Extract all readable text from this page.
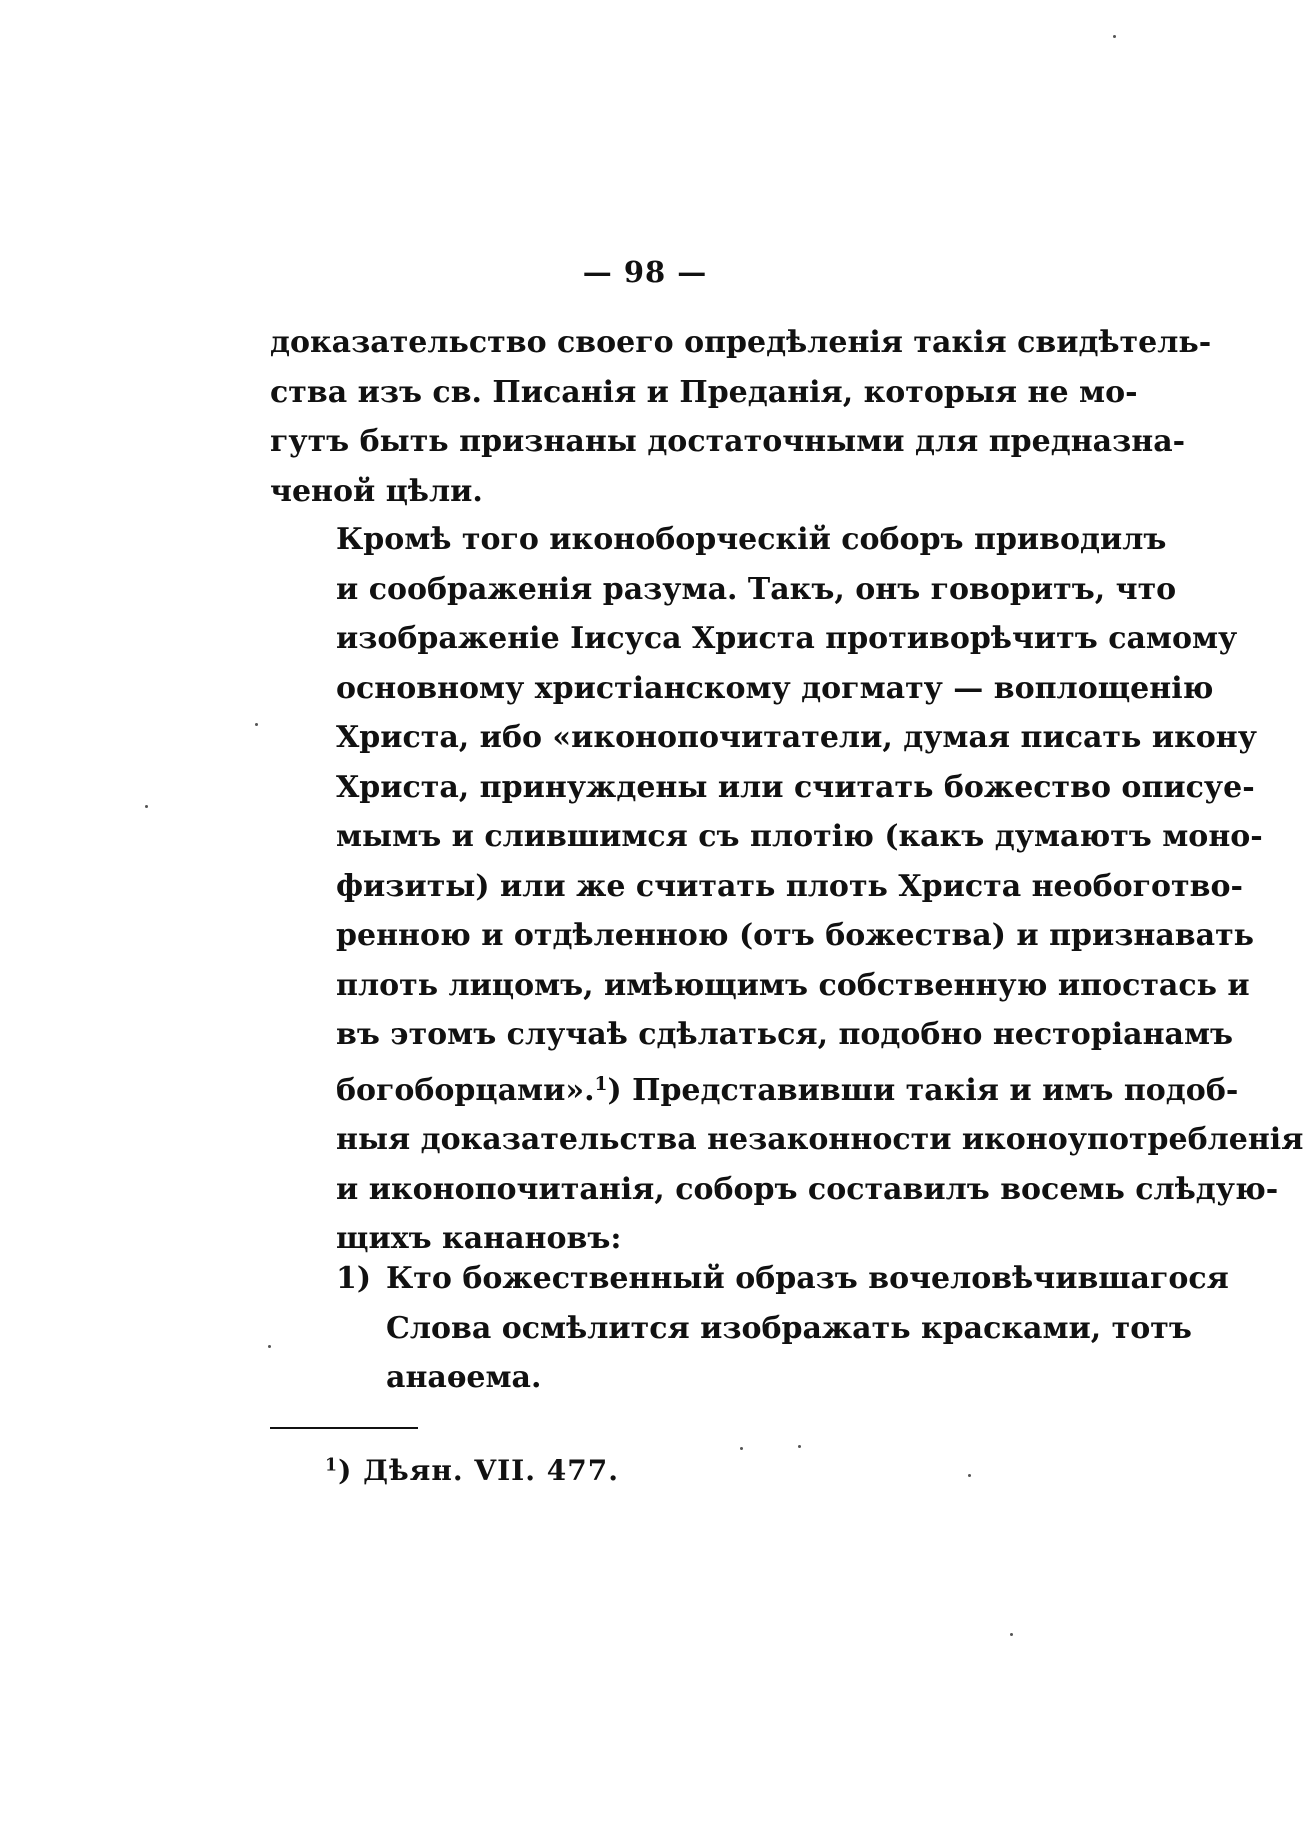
— 98 —
доказательство своего опредѣленія такія свидѣтель-
ства изъ св. Писанія и Преданія, которыя не мо-
гутъ быть признаны достаточными для предназна-
ченой цѣли.
Кромѣ того иконоборческій соборъ приводилъ
и соображенія разума. Такъ, онъ говоритъ, что
изображеніе Іисуса Христа противорѣчитъ самому
основному христіанскому догмату — воплощенію
Христа, ибо «иконопочитатели, думая писать икону
Христа, принуждены или считать божество описуе-
мымъ и слившимся съ плотію (какъ думаютъ моно-
физиты) или же считать плоть Христа необоготво-
ренною и отдѣленною (отъ божества) и признавать
плоть лицомъ, имѣющимъ собственную ипостась и
въ этомъ случаѣ сдѣлаться, подобно несторіанамъ
богоборцами».$^1$) Представивши такія и имъ подоб-
ныя доказательства незаконности иконоупотребленія
и иконопочитанія, соборъ составилъ восемь слѣдую-
щихъ канановъ:
1) Кто божественный образъ вочеловѣчившагося
Слова осмѣлится изображать красками, тотъ
анаѳема.
$^1$) Дѣян. VII. 477.
